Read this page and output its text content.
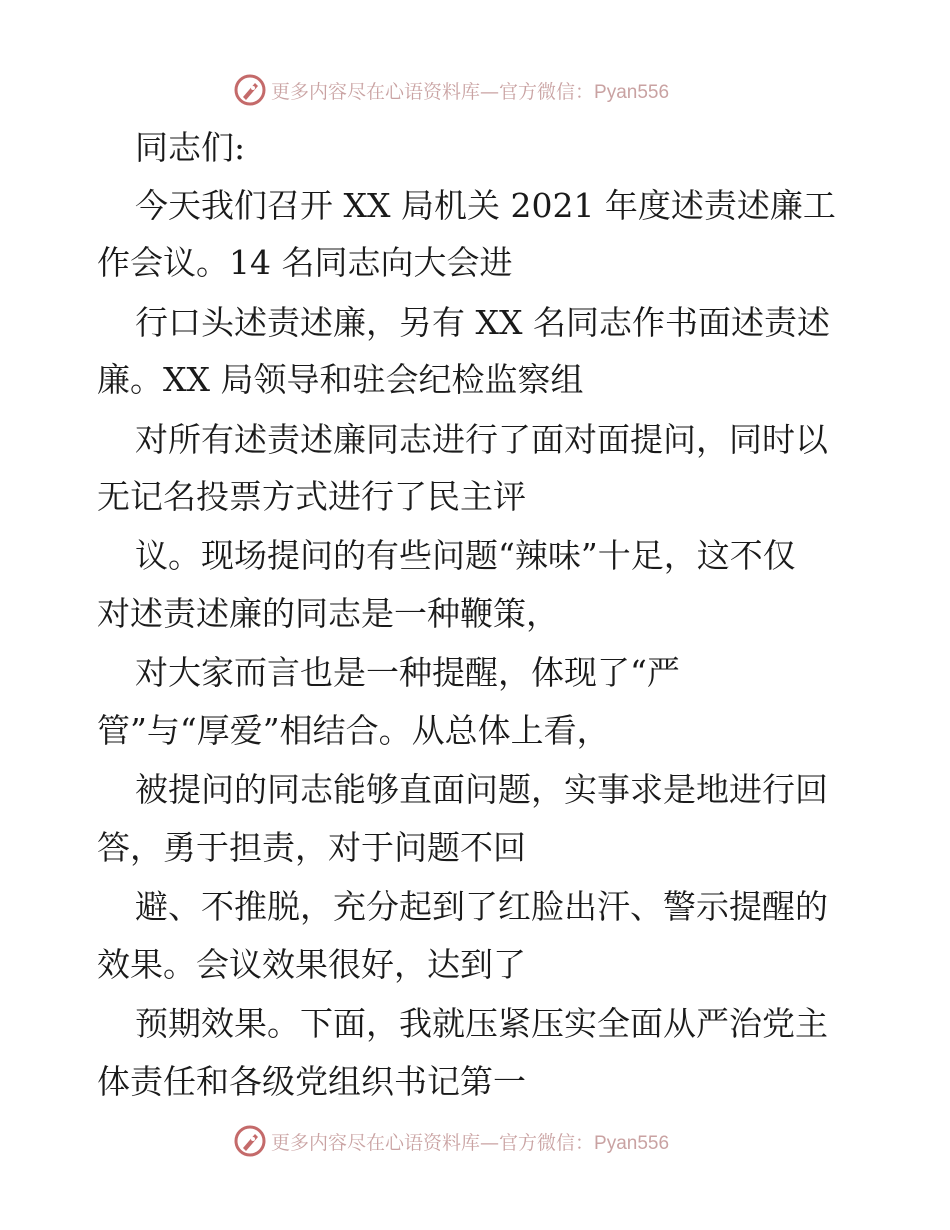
更多内容尽在心语资料库—官方微信：Pyan556
同志们:
今天我们召开 XX 局机关 2021 年度述责述廉工
作会议。14 名同志向大会进
行口头述责述廉，另有 XX 名同志作书面述责述
廉。XX 局领导和驻会纪检监察组
对所有述责述廉同志进行了面对面提问，同时以
无记名投票方式进行了民主评
议。现场提问的有些问题“辣味”十足，这不仅
对述责述廉的同志是一种鞭策，
对大家而言也是一种提醒，体现了“严
管”与“厚爱”相结合。从总体上看，
被提问的同志能够直面问题，实事求是地进行回
答，勇于担责，对于问题不回
避、不推脱，充分起到了红脸出汗、警示提醒的
效果。会议效果很好，达到了
预期效果。下面，我就压紧压实全面从严治党主
体责任和各级党组织书记第一
更多内容尽在心语资料库—官方微信：Pyan556
